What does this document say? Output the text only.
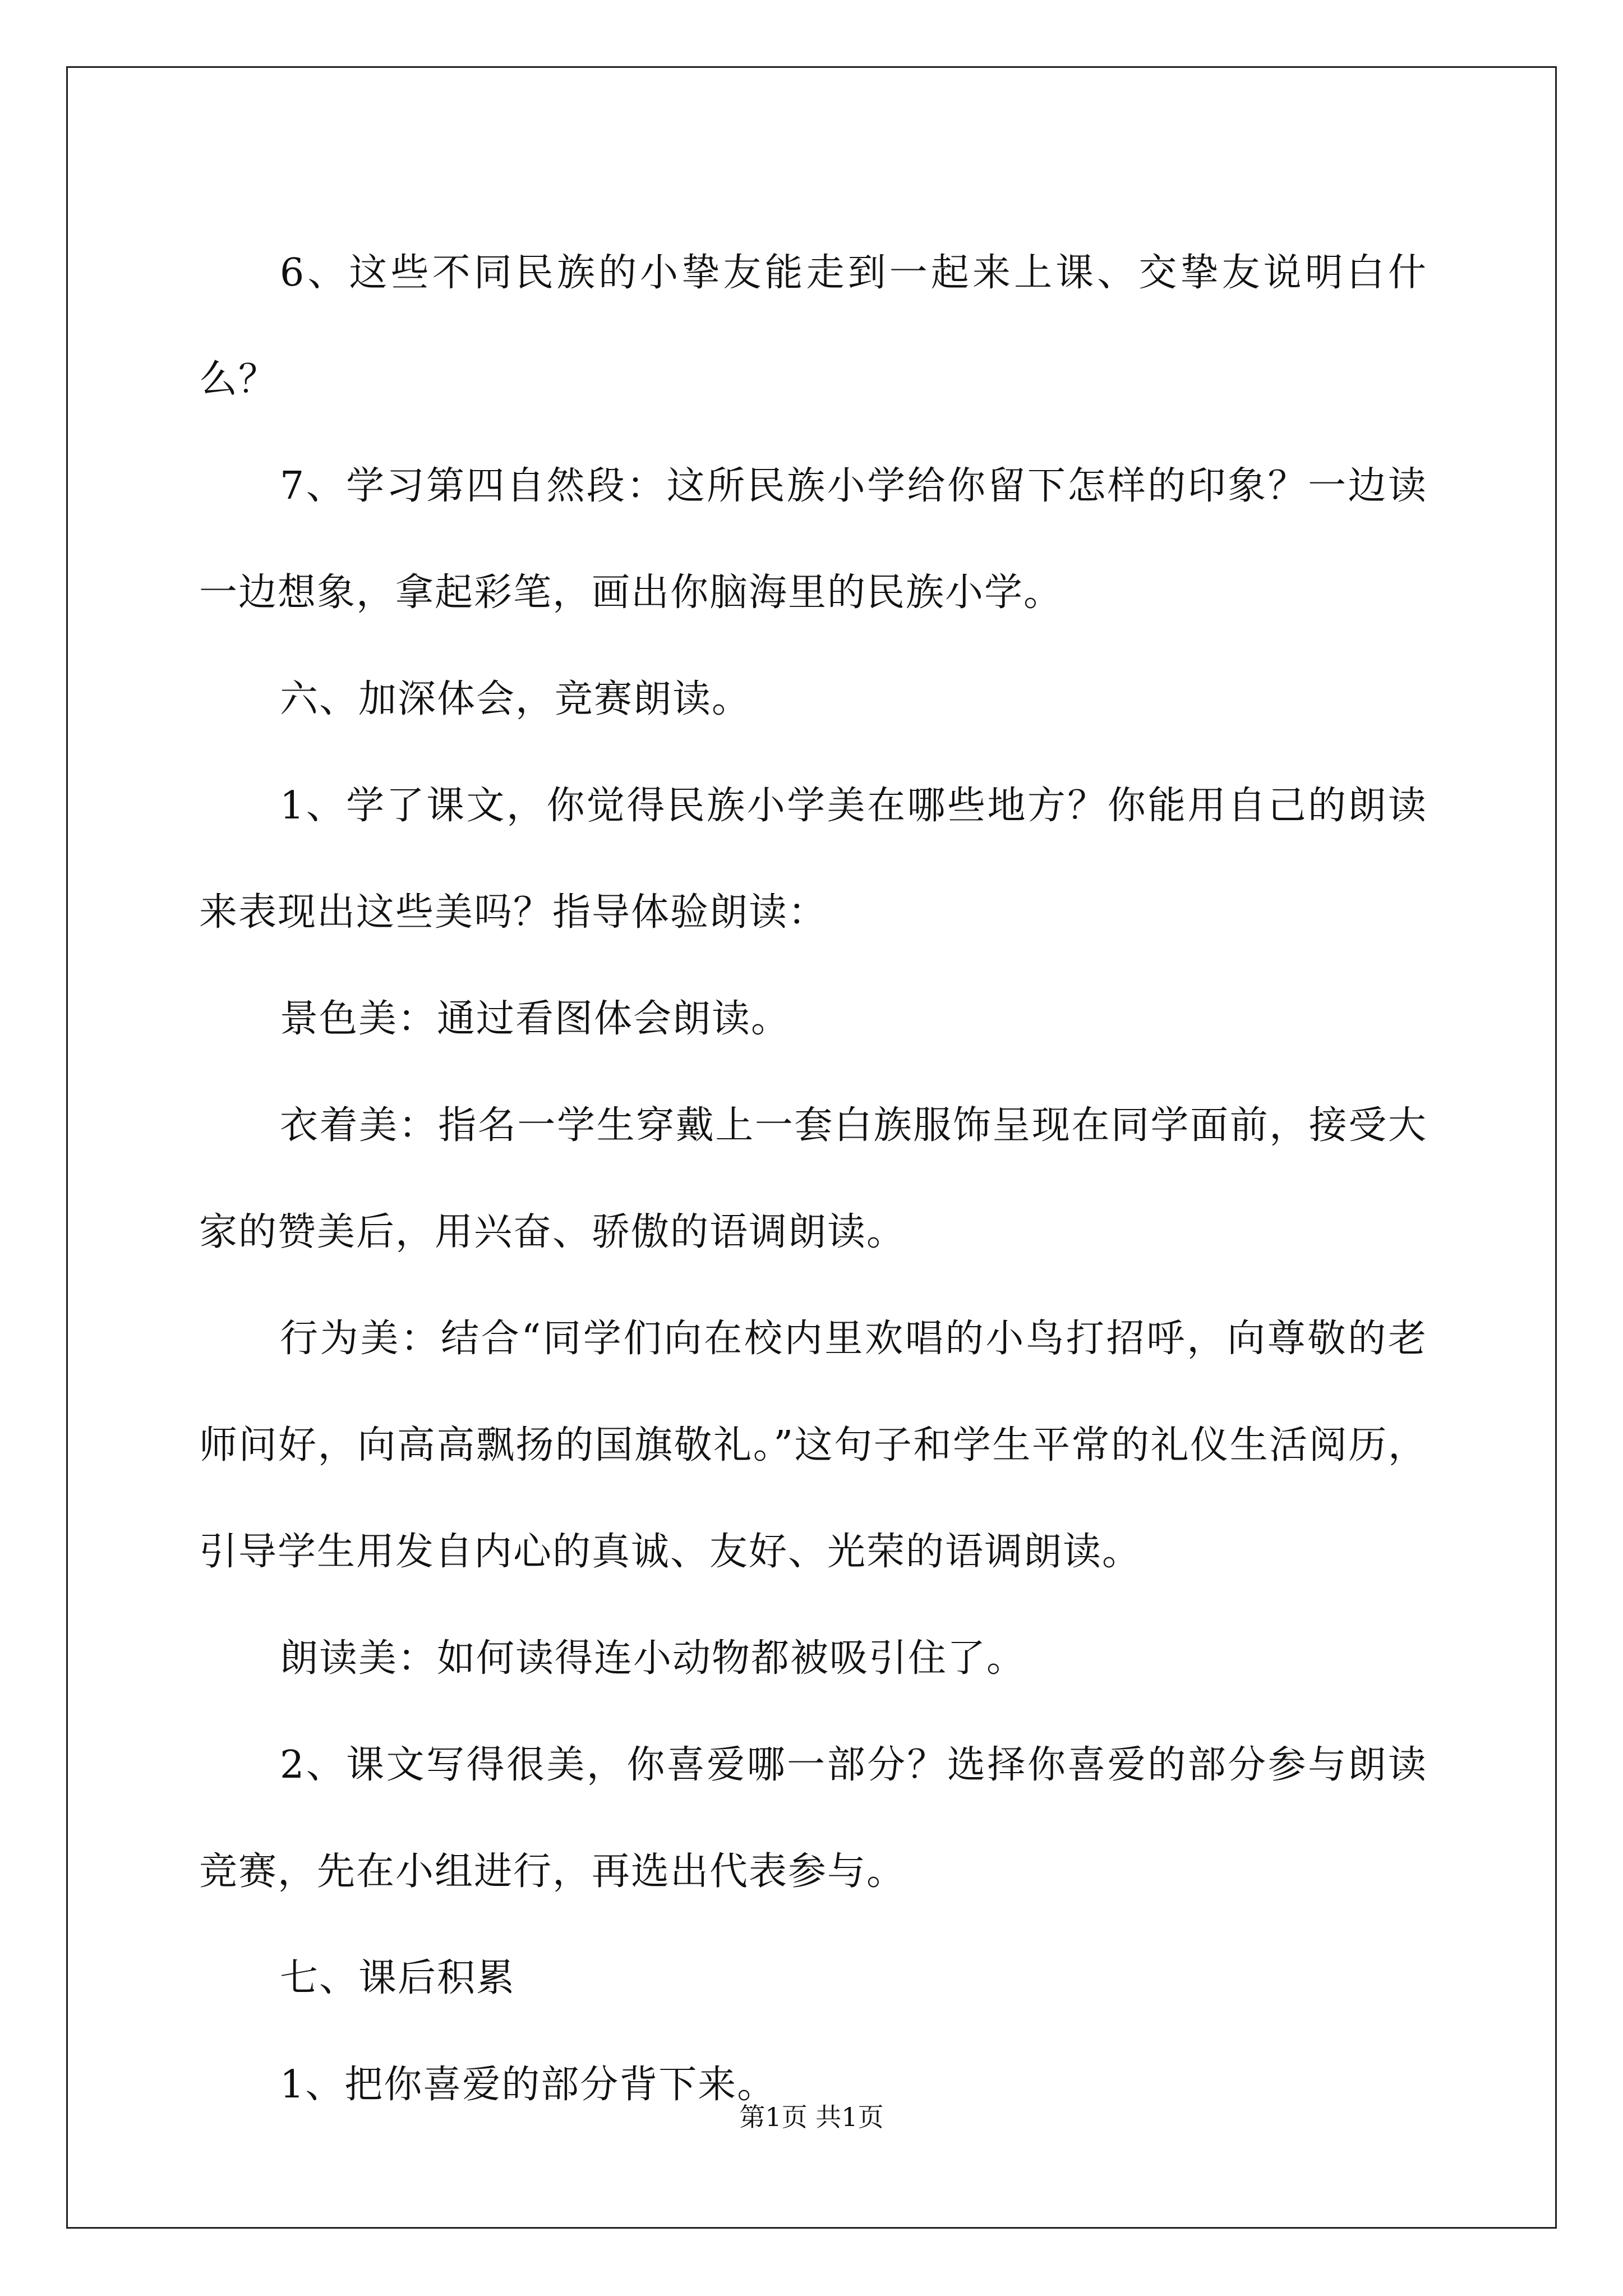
6、这些不同民族的小挚友能走到一起来上课、交挚友说明白什么？

7、学习第四自然段：这所民族小学给你留下怎样的印象？一边读一边想象，拿起彩笔，画出你脑海里的民族小学。

六、加深体会，竞赛朗读。

1、学了课文，你觉得民族小学美在哪些地方？你能用自己的朗读来表现出这些美吗？指导体验朗读：

景色美：通过看图体会朗读。

衣着美：指名一学生穿戴上一套白族服饰呈现在同学面前，接受大家的赞美后，用兴奋、骄傲的语调朗读。

行为美：结合“同学们向在校内里欢唱的小鸟打招呼，向尊敬的老师问好，向高高飘扬的国旗敬礼。”这句子和学生平常的礼仪生活阅历，引导学生用发自内心的真诚、友好、光荣的语调朗读。

朗读美：如何读得连小动物都被吸引住了。

2、课文写得很美，你喜爱哪一部分？选择你喜爱的部分参与朗读竞赛，先在小组进行，再选出代表参与。

七、课后积累

1、把你喜爱的部分背下来。

第1页 共1页
